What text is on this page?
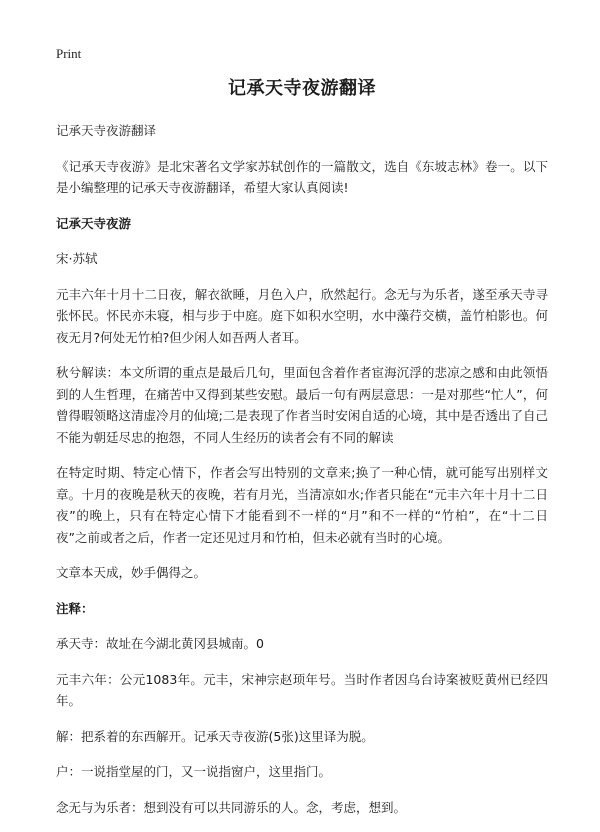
Print
记承天寺夜游翻译

记承天寺夜游翻译

《记承天寺夜游》是北宋著名文学家苏轼创作的一篇散文，选自《东坡志林》卷一。以下是小编整理的记承天寺夜游翻译，希望大家认真阅读!

记承天寺夜游

宋·苏轼

元丰六年十月十二日夜，解衣欲睡，月色入户，欣然起行。念无与为乐者，遂至承天寺寻张怀民。怀民亦未寝，相与步于中庭。庭下如积水空明，水中藻荇交横，盖竹柏影也。何夜无月?何处无竹柏?但少闲人如吾两人者耳。

秋兮解读：本文所谓的重点是最后几句，里面包含着作者宦海沉浮的悲凉之感和由此领悟到的人生哲理，在痛苦中又得到某些安慰。最后一句有两层意思：一是对那些“忙人”，何曾得暇领略这清虚冷月的仙境;二是表现了作者当时安闲自适的心境，其中是否透出了自己不能为朝廷尽忠的抱怨，不同人生经历的读者会有不同的解读

在特定时期、特定心情下，作者会写出特别的文章来;换了一种心情，就可能写出别样文章。十月的夜晚是秋天的夜晚，若有月光，当清凉如水;作者只能在“元丰六年十月十二日夜”的晚上，只有在特定心情下才能看到不一样的“月”和不一样的“竹柏”，在“十二日夜”之前或者之后，作者一定还见过月和竹柏，但未必就有当时的心境。

文章本天成，妙手偶得之。

注释：

承天寺：故址在今湖北黄冈县城南。0

元丰六年：公元1083年。元丰，宋神宗赵顼年号。当时作者因乌台诗案被贬黄州已经四年。

解：把系着的东西解开。记承天寺夜游(5张)这里译为脱。

户：一说指堂屋的门，又一说指窗户，这里指门。

念无与为乐者：想到没有可以共同游乐的人。念，考虑，想到。
